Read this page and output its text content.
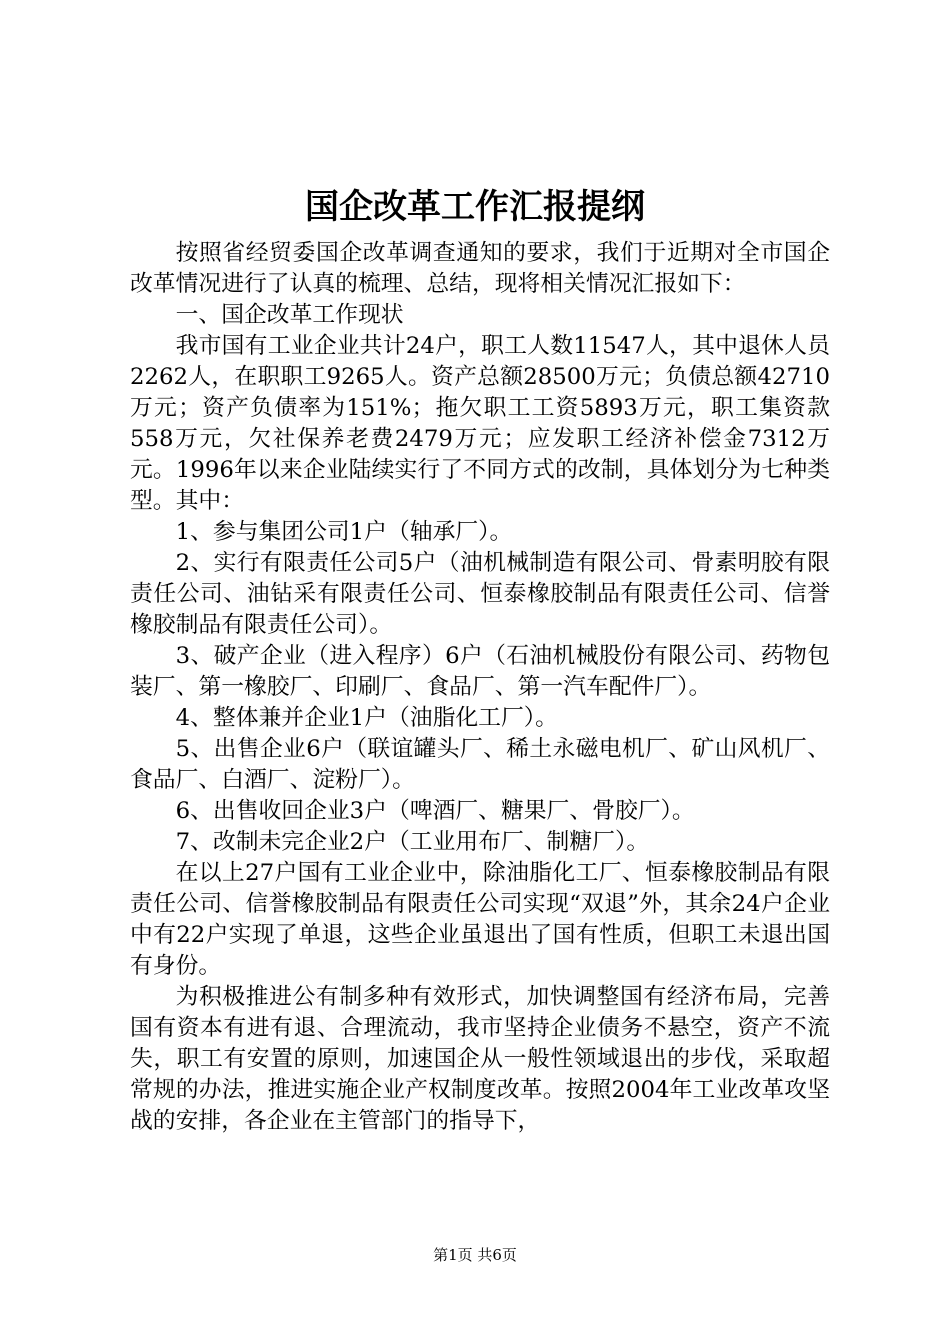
国企改革工作汇报提纲

按照省经贸委国企改革调查通知的要求，我们于近期对全市国企改革情况进行了认真的梳理、总结，现将相关情况汇报如下：

一、国企改革工作现状

我市国有工业企业共计24户，职工人数11547人，其中退休人员2262人，在职职工9265人。资产总额28500万元；负债总额42710万元；资产负债率为151%；拖欠职工工资5893万元，职工集资款558万元，欠社保养老费2479万元；应发职工经济补偿金7312万元。1996年以来企业陆续实行了不同方式的改制，具体划分为七种类型。其中：

1、参与集团公司1户（轴承厂）。

2、实行有限责任公司5户（油机械制造有限公司、骨素明胶有限责任公司、油钻采有限责任公司、恒泰橡胶制品有限责任公司、信誉橡胶制品有限责任公司）。

3、破产企业（进入程序）6户（石油机械股份有限公司、药物包装厂、第一橡胶厂、印刷厂、食品厂、第一汽车配件厂）。

4、整体兼并企业1户（油脂化工厂）。

5、出售企业6户（联谊罐头厂、稀土永磁电机厂、矿山风机厂、食品厂、白酒厂、淀粉厂）。

6、出售收回企业3户（啤酒厂、糖果厂、骨胶厂）。

7、改制未完企业2户（工业用布厂、制糖厂）。

在以上27户国有工业企业中，除油脂化工厂、恒泰橡胶制品有限责任公司、信誉橡胶制品有限责任公司实现“双退”外，其余24户企业中有22户实现了单退，这些企业虽退出了国有性质，但职工未退出国有身份。

为积极推进公有制多种有效形式，加快调整国有经济布局，完善国有资本有进有退、合理流动，我市坚持企业债务不悬空，资产不流失，职工有安置的原则，加速国企从一般性领域退出的步伐，采取超常规的办法，推进实施企业产权制度改革。按照2004年工业改革攻坚战的安排，各企业在主管部门的指导下，

第1页 共6页
